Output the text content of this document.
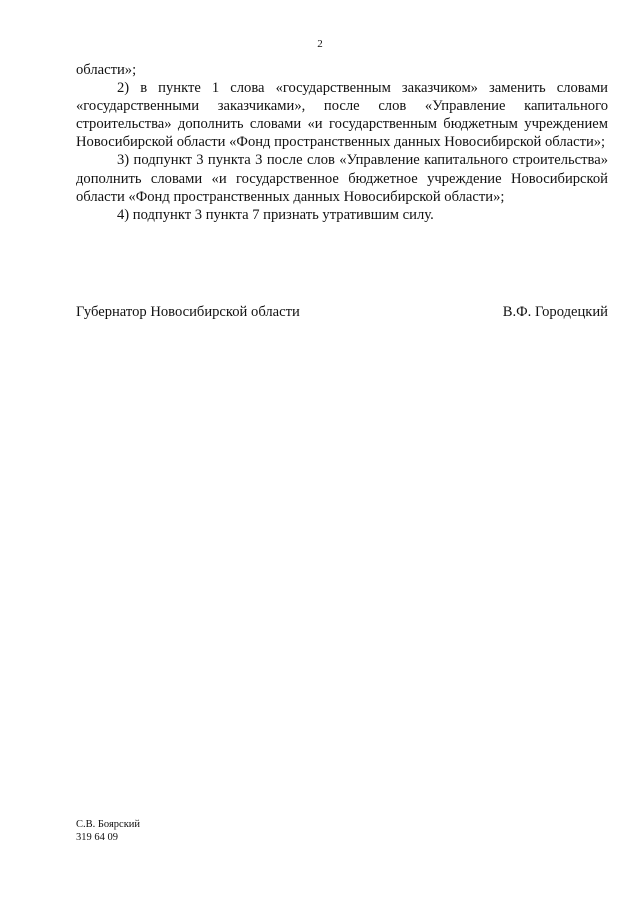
2

области»;

2) в пункте 1 слова «государственным заказчиком» заменить словами «государственными заказчиками», после слов «Управление капитального строительства» дополнить словами «и государственным бюджетным учреждением Новосибирской области «Фонд пространственных данных Новосибирской области»;

3) подпункт 3 пункта 3 после слов «Управление капитального строительства» дополнить словами «и государственное бюджетное учреждение Новосибирской области «Фонд пространственных данных Новосибирской области»;

4) подпункт 3 пункта 7 признать утратившим силу.

Губернатор Новосибирской области	В.Ф. Городецкий
С.В. Боярский
319 64 09
